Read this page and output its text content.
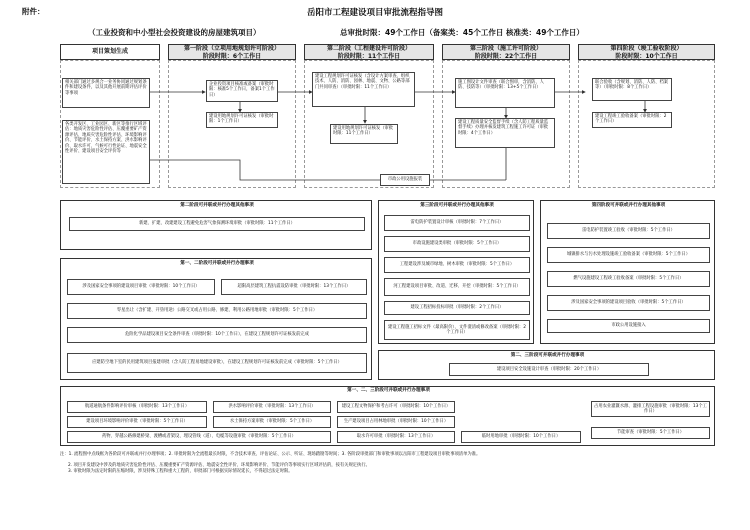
附件：	岳阳市工程建设项目审批流程指导图
（工业投资和中小型社会投资建设的房屋建筑项目）	总审批时限：49个工作日（备案类：45个工作日 核准类：49个工作日）
项目策划生成	第一阶段（立项用地规划许可阶段）
阶段时限：6个工作日
第二阶段（工程建设许可阶段）
阶段时限：11个工作日
第三阶段（施工许可阶段）
阶段时限：22个工作日
第四阶段（竣工验收阶段）
阶段时限：10个工作日
相关部门通过多规合一业务协同通过规划条件和建设条件，以及其他开展前期评估评价等事项
各类开发区、工业园区、新区等推行区域评估：地质灾害危险性评估、压覆重要矿产资源评估、地质灾害危险性评估、环境影响评价、节能评价、水土保持方案、洪水影响评价、取水许可、气候可行性论证、地震安全性评价、建设项目安全评价等
企业投资项目核准或备案（审批时限：核准5个工作日，备案1个工作日）
建设用地规划许可证核发（审批时限：1个工作日）
建设工程规划许可证核发（含设计方案审查、组织技术、人防、消防、园林、地震、文物、公路等部门共同审查）（审批时限：11个工作日）
建设用地规划许可证核发（审批时限：11个工作日）
施工图设计文件审查（联合图审，含消防、人防、技防等）（审批时限：13+5个工作日）
建设工程质量安全监督手续（含人防工程质量监督手续）办理并核发建筑工程施工许可证（审批时限：4个工作日）
联合验收（含规划、消防、人防、档案等）（审批时限：8个工作日）
建设工程竣工验收备案（审批时限：2个工作日）
市政公用设施报装
第二阶段可并联或并行办理其他事项
新建、扩建、改建建设工程避免危害气象探测环境审批（审批时限：11个工作日）
第一、二阶段可并联或并行办理事项
涉及国家安全事项的建设项目审批（审批时限：10个工作日）	超限高层建筑工程抗震设防审批（审批时限：13个工作日）
零星出让（含扩建、开垦用途）公路交叉或占用公路、修建、利用公路用地审批（审批时限：5个工作日）
危险化学品建设项目安全条件审查（审批时限：10个工作日），在建设工程规划许可证核发前完成
应建防空地下室的民用建筑项目报建审批（含人防工程易地建设审批），在建设工程规划许可证核发前完成（审批时限：5个工作日）
第三阶段可并联或并行办理其他事项
雷电防护装置设计审核（审批时限：7个工作日）
市政设施建设类审批（审批时限：5个工作日）
工程建设涉及城市绿地、树木审批（审批时限：5个工作日）
河工程建设项目审批、改道、迁移、开挖（审批时限：5个工作日）
建设工程招标投标审批（审批时限：2个工作日）
建设工程施工招标文件（最高限价）、文件澄清或修改备案（审批时限：2个工作日）
第四阶段可并联或并行办理其他事项
雷电防护装置竣工验收（审批时限：5个工作日）
城镇排水与污水处理设施竣工验收备案（审批时限：5个工作日）
燃气设施建设工程竣工验收备案（审批时限：5个工作日）
涉及国家安全事项的建设项目验收（审批时限：5个工作日）
市政公用设施接入
第二、三阶段可并联或并行办理事项
建设项目安全设施设计审查（审批时限：20个工作日）
第一、二、三阶段可并联或并行办理事项
航道通航条件影响评价审核（审批时限：13个工作日）
建设项目环境影响评价审批（审批时限：5个工作日）
药物、穿越公路修建桥梁、渡槽或者架设、埋设管线（道）、电缆等设施审批（审批时限：5个工作日）
洪水影响评价审批（审批时限：13个工作日）
水土保持方案审批（审批时限：5个工作日）
取水许可审批（审批时限：13个工作日）
建设工程文物保护和考古许可（审批时限：10个工作日）
生产建设项目占用林地审批（审批时限：10个工作日）
临时用地审批（审批时限：10个工作日）
占用农业灌溉水源、灌排工程设施审批（审批时限：13个工作日）
节能审查（审批时限：5个工作日）
注：1. 流程图中点线框为各阶段可并联或并行办理事项；2. 审批时限为全流程最长时限，不含技术审查、评估论证、公示、听证、现场踏勘等时间；3. 各阶段审批部门和审批事项以岳阳市工程建设项目审批事项清单为准。
2. 项目开发建设中涉及的地质灾害危险性评估、压覆重要矿产资源评估、地震安全性评价、环境影响评价、节能评价等事项实行区域评估的，按有关规定执行。
3. 审批时限为法定时限的压缩时限，涉及特殊工程和重大工程的，审批部门可根据实际情况延长，不得超过法定时限。
